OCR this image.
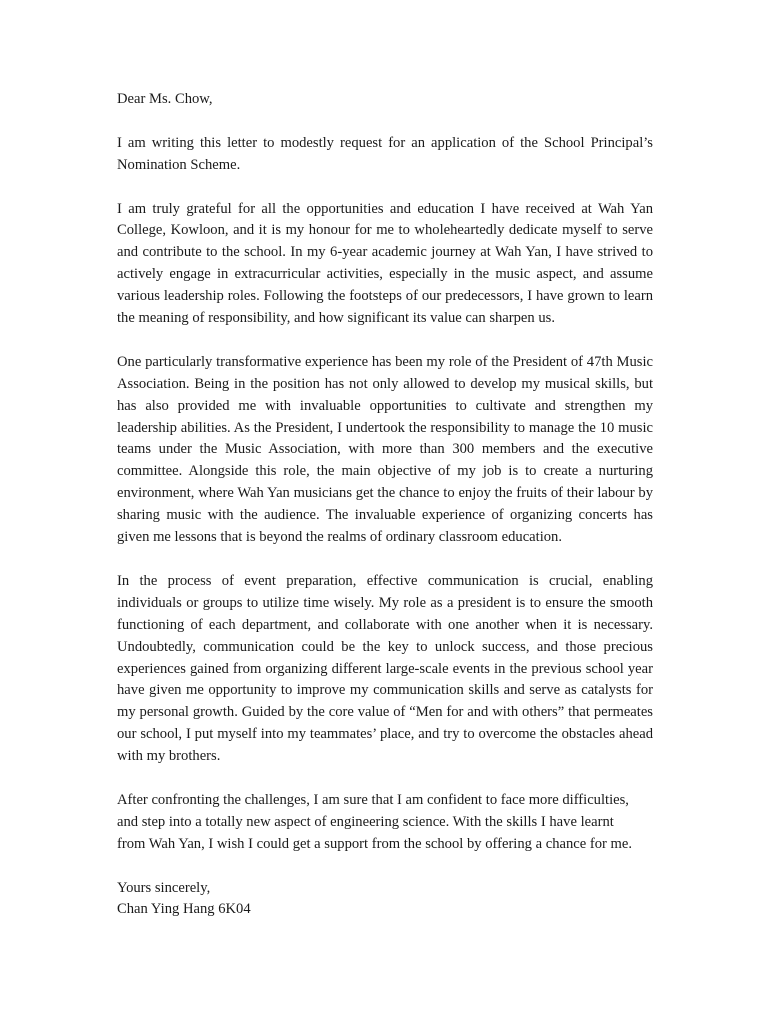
Dear Ms. Chow,

I am writing this letter to modestly request for an application of the School Principal’s Nomination Scheme.

I am truly grateful for all the opportunities and education I have received at Wah Yan College, Kowloon, and it is my honour for me to wholeheartedly dedicate myself to serve and contribute to the school. In my 6-year academic journey at Wah Yan, I have strived to actively engage in extracurricular activities, especially in the music aspect, and assume various leadership roles. Following the footsteps of our predecessors, I have grown to learn the meaning of responsibility, and how significant its value can sharpen us.

One particularly transformative experience has been my role of the President of 47th Music Association. Being in the position has not only allowed to develop my musical skills, but has also provided me with invaluable opportunities to cultivate and strengthen my leadership abilities. As the President, I undertook the responsibility to manage the 10 music teams under the Music Association, with more than 300 members and the executive committee. Alongside this role, the main objective of my job is to create a nurturing environment, where Wah Yan musicians get the chance to enjoy the fruits of their labour by sharing music with the audience. The invaluable experience of organizing concerts has given me lessons that is beyond the realms of ordinary classroom education.

In the process of event preparation, effective communication is crucial, enabling individuals or groups to utilize time wisely. My role as a president is to ensure the smooth functioning of each department, and collaborate with one another when it is necessary. Undoubtedly, communication could be the key to unlock success, and those precious experiences gained from organizing different large-scale events in the previous school year have given me opportunity to improve my communication skills and serve as catalysts for my personal growth. Guided by the core value of “Men for and with others” that permeates our school, I put myself into my teammates’ place, and try to overcome the obstacles ahead with my brothers.

After confronting the challenges, I am sure that I am confident to face more difficulties, and step into a totally new aspect of engineering science. With the skills I have learnt from Wah Yan, I wish I could get a support from the school by offering a chance for me.

Yours sincerely,

Chan Ying Hang 6K04
